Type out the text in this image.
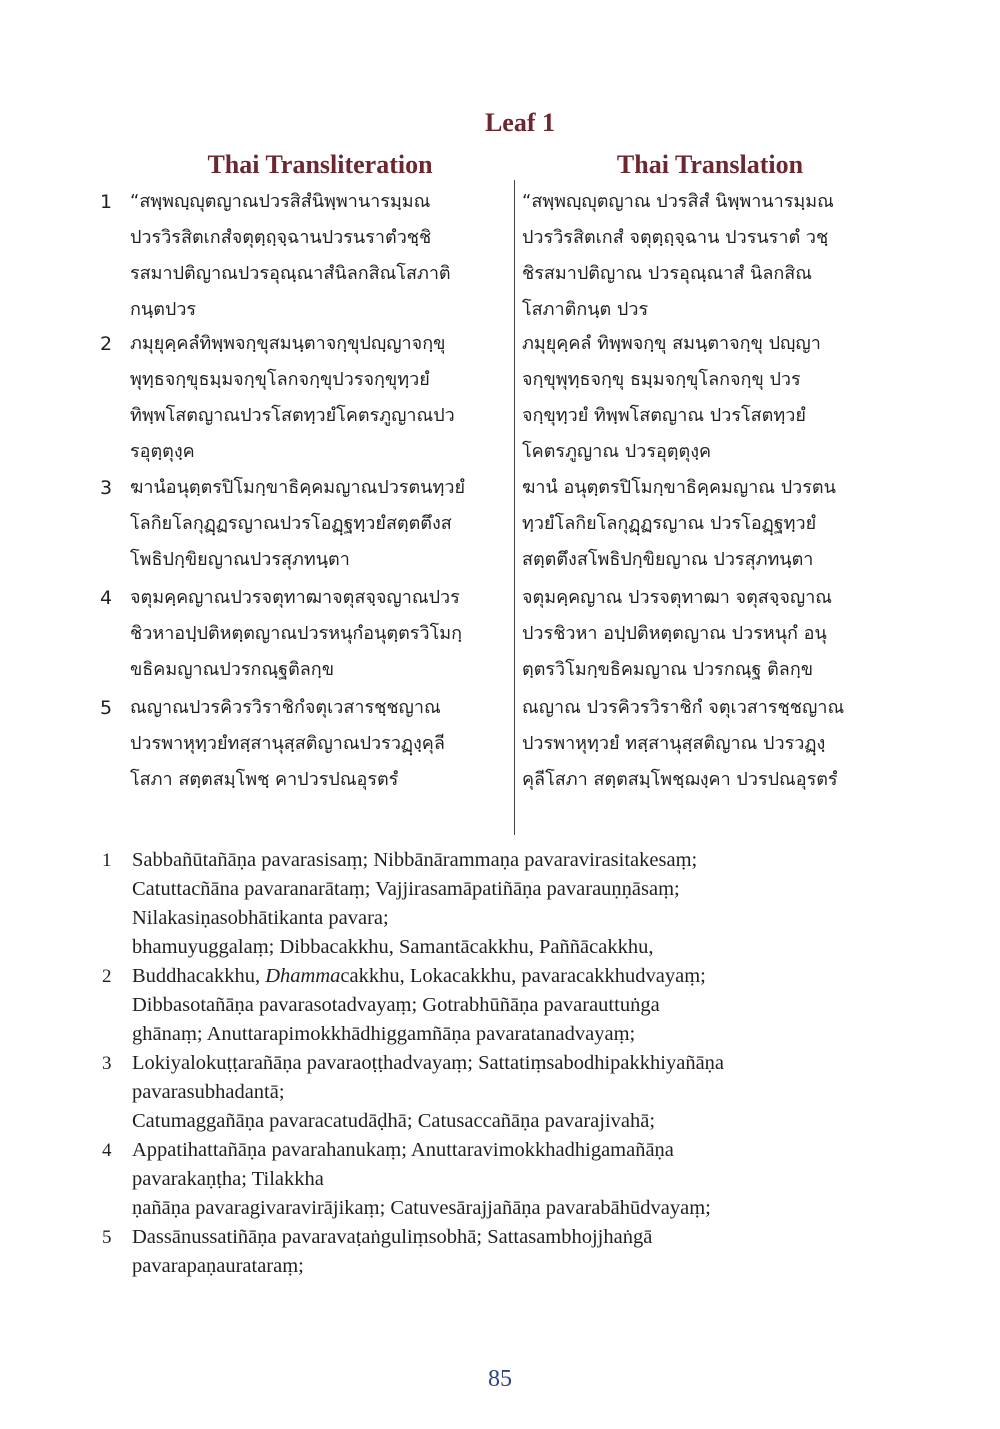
Leaf 1
Thai Transliteration	Thai Translation
1 “สพฺพญฺญุตญาณปวรสิสํนิพฺพานารมฺมณ
ปวรวิรสิตเกสํจตุตฺถฺจฺฉานปวรนราตํวชฺชิ
รสมาปติญาณปวรอุณฺณาสํนิลกสิณโสภาติ
กนฺตปวร
“สพฺพญฺญุตญาณ ปวรสิสํ นิพฺพานารมฺมณ
ปวรวิรสิตเกสํ จตุตฺถฺจฺฉาน ปวรนราตํ วชฺ
ชิรสมาปติญาณ ปวรอุณฺณาสํ นิลกสิณ
โสภาติกนฺต ปวร
2 ภมุยุคฺคลํทิพฺพจกฺขุสมนฺตาจกฺขุปญฺญาจกฺขุ
พุทฺธจกฺขุธมฺมจกฺขุโลกจกฺขุปวรจกฺขุทฺวยํ
ทิพฺพโสตญาณปวรโสตทฺวยํโคตรภูญาณปว
รอุตฺตุงฺค
ภมุยุคฺคลํ ทิพฺพจกฺขุ สมนฺตาจกฺขุ ปญฺญา
จกฺขุพุทฺธจกฺขุ ธมฺมจกฺขุโลกจกฺขุ ปวร
จกฺขุทฺวยํ ทิพฺพโสตญาณ ปวรโสตทฺวยํ
โคตรภูญาณ ปวรอุตฺตุงฺค
3 ฆานํอนุตฺตรปิโมกฺขาธิคฺคมญาณปวรตนทฺวยํ
โลกิยโลกุฏฺฏรญาณปวรโอฏฺฐทฺวยํสตฺตตึงส
โพธิปกฺขิยญาณปวรสุภทนฺตา
ฆานํ อนุตฺตรปิโมกฺขาธิคฺคมญาณ ปวรตน
ทฺวยํโลกิยโลกุฏฺฏรญาณ ปวรโอฏฺฐทฺวยํ
สตฺตตึงสโพธิปกฺขิยญาณ ปวรสุภทนฺตา
4 จตุมคฺคญาณปวรจตุทาฒาจตุสจฺจญาณปวร
ชิวหาอปฺปติหตฺตญาณปวรหนุกํอนุตฺตรวิโมกฺ
ขธิคมญาณปวรกณฺฐติลกฺข
จตุมคฺคญาณ ปวรจตุทาฒา จตุสจฺจญาณ
ปวรชิวหา อปฺปติหตฺตญาณ ปวรหนุกํ อนุ
ตฺตรวิโมกฺขธิคมญาณ ปวรกณฺฐ ติลกฺข
5 ณญาณปวรคิวรวิราชิกํจตุเวสารชฺชญาณ
ปวรพาหุทฺวยํทสฺสานุสฺสติญาณปวรวฏฺงฺคุลี
โสภา สตฺตสมฺโพชฺ คาปวรปณอุรตรํ
ณญาณ ปวรคิวรวิราชิกํ จตุเวสารชฺชญาณ
ปวรพาหุทฺวยํ ทสฺสานุสฺสติญาณ ปวรวฏฺงฺ
คุลีโสภา สตฺตสมฺโพชฺฌงฺคา ปวรปณอุรตรํ
1 Sabbañūtañāṇa pavarasisaṃ; Nibbānārammaṇa pavaravirasitakesaṃ;
Catuttacñāna pavaranarātaṃ; Vajjirasamāpatiñāṇa pavarauṇṇāsaṃ;
Nilakasiṇasobhātikanta pavara;
2
bhamuyuggalaṃ; Dibbacakkhu, Samantācakkhu, Paññācakkhu,
Buddhacakkhu, Dhammacakkhu, Lokacakkhu, pavaracakkhudvayaṃ;
Dibbasotañāṇa pavarasotadvayaṃ; Gotrabhūñāṇa pavarauttuṅga
3
ghānaṃ; Anuttarapimokkhādhiggamñāṇa pavaratanadvayaṃ;
Lokiyalokuṭṭarañāṇa pavaraoṭṭhadvayaṃ; Sattatiṃsabodhipakkhiyañāṇa
pavarasubhadantā;
4
Catumaggañāṇa pavaracatudāḍhā; Catusaccañāṇa pavarajivahā;
Appatihattañāṇa pavarahanukaṃ; Anuttaravimokkhadhigamañāṇa
pavarakaṇṭha; Tilakkha
5
ṇañāṇa pavaragivaravirājikaṃ; Catuvesārajjañāṇa pavarabāhūdvayaṃ;
Dassānussatiñāṇa pavaravaṭaṅguliṃsobhā; Sattasambhojjhaṅgā
pavarapaṇaurataraṃ;
85
